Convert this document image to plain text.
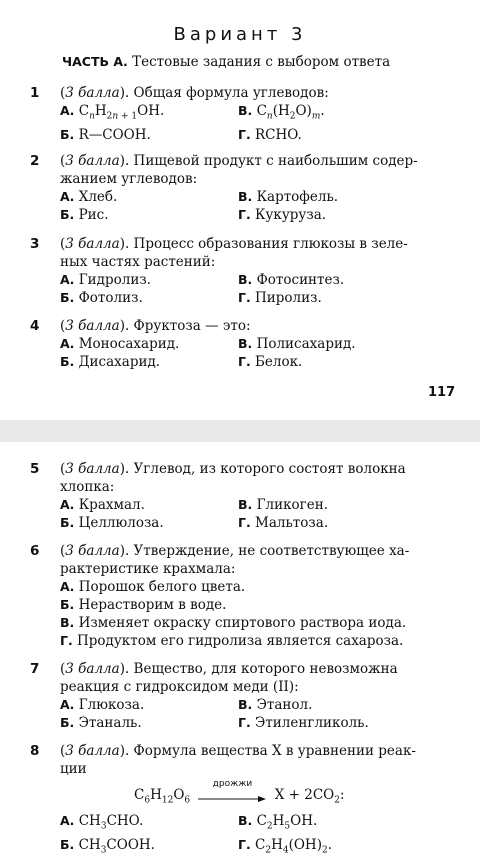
Вариант 3
ЧАСТЬ А. Тестовые задания с выбором ответа
1 (3 балла). Общая формула углеводов:
А. $C_nH_{2n + 1}OH$.	В. $C_n(H_2O)_m$.
Б. R—COOH.	Г. RCHO.
2 (3 балла). Пищевой продукт с наибольшим содер-
жанием углеводов:
А. Хлеб.	В. Картофель.
Б. Рис.	Г. Кукуруза.
3 (3 балла). Процесс образования глюкозы в зеле-
ных частях растений:
А. Гидролиз.	В. Фотосинтез.
Б. Фотолиз.	Г. Пиролиз.
4 (3 балла). Фруктоза — это:
А. Моносахарид.	В. Полисахарид.
Б. Дисахарид.	Г. Белок.
117
5 (3 балла). Углевод, из которого состоят волокна
хлопка:
А. Крахмал.	В. Гликоген.
Б. Целлюлоза.	Г. Мальтоза.
6 (3 балла). Утверждение, не соответствующее ха-
рактеристике крахмала:
А. Порошок белого цвета.
Б. Нерастворим в воде.
В. Изменяет окраску спиртового раствора иода.
Г. Продуктом его гидролиза является сахароза.
7 (3 балла). Вещество, для которого невозможна
реакция с гидроксидом меди (II):
А. Глюкоза.	В. Этанол.
Б. Этаналь.	Г. Этиленгликоль.
8 (3 балла). Формула вещества X в уравнении реак-
ции
А. $CH_3CHO$.	В. $C_2H_5OH$.
Б. $CH_3COOH$.	Г. $C_2H_4(OH)_2$.
$C_6H_{12}O_6$
дрожжи
$X + 2CO_2$:
